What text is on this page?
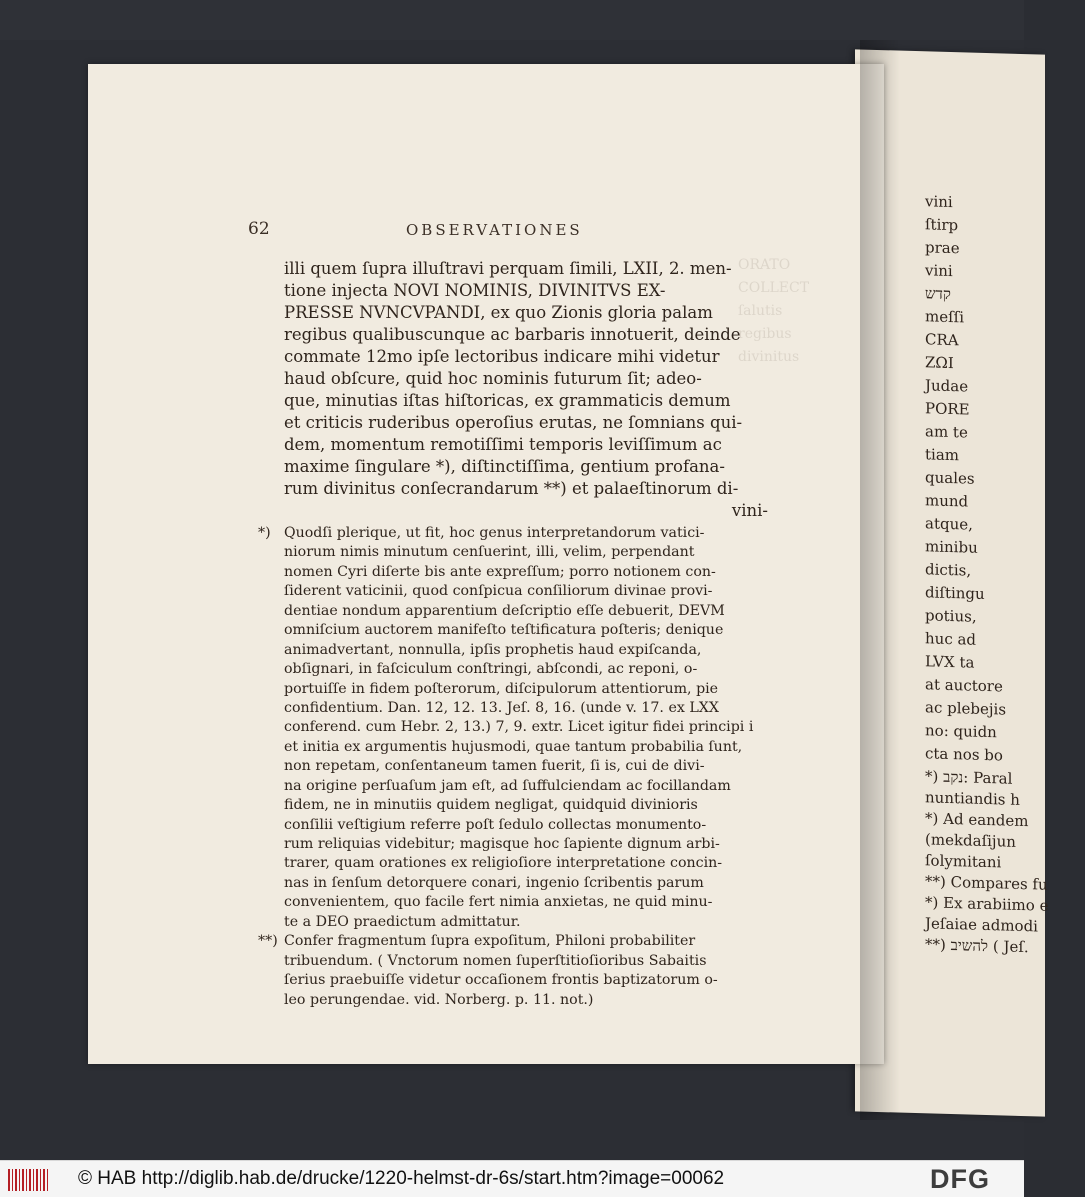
vini
ſtirp
prae
vini
קדש
meſſi
CRA
ΖΩΙ
Judae
PORE
am te
tiam
quales
mund
atque,
minibu
dictis,
diſtingu
potius,
huc ad
LVX ta
at auctore
ac plebejis
no: quidn
cta nos bo
*) נקב: Paral
nuntiandis h
*) Ad eandem
(mekdaſijun
ſolymitani
**) Compares fu
*) Ex arabiimo e
Jeſaiae admodi
**) להשיב ( Jeſ.
ORATO
COLLECT
ſalutis
regibus
divinitus
62	OBSERVATIONES
illi quem ſupra illuſtravi perquam ſimili, LXII, 2. men-
tione injecta NOVI NOMINIS, DIVINITVS EX-
PRESSE NVNCVPANDI, ex quo Zionis gloria palam
regibus qualibuscunque ac barbaris innotuerit, deinde
commate 12mo ipſe lectoribus indicare mihi videtur
haud obſcure, quid hoc nominis futurum ſit; adeo-
que, minutias iſtas hiſtoricas, ex grammaticis demum
et criticis ruderibus operoſius erutas, ne ſomnians qui-
dem, momentum remotiſſimi temporis leviſſimum ac
maxime ſingulare *), diſtinctiſſima, gentium profana-
rum divinitus conſecrandarum **) et palaeſtinorum di-
vini-
*) Quodſi plerique, ut fit, hoc genus interpretandorum vatici-
niorum nimis minutum cenſuerint, illi, velim, perpendant
nomen Cyri diſerte bis ante expreſſum; porro notionem con-
ſiderent vaticinii, quod conſpicua conſiliorum divinae provi-
dentiae nondum apparentium deſcriptio eſſe debuerit, DEVM
omniſcium auctorem manifeſto teſtificatura poſteris; denique
animadvertant, nonnulla, ipſis prophetis haud expiſcanda,
obſignari, in faſciculum conſtringi, abſcondi, ac reponi, o-
portuiſſe in fidem poſterorum, diſcipulorum attentiorum, pie
confidentium. Dan. 12, 12. 13. Jeſ. 8, 16. (unde v. 17. ex LXX
conferend. cum Hebr. 2, 13.) 7, 9. extr. Licet igitur fidei principi i
et initia ex argumentis hujusmodi, quae tantum probabilia ſunt,
non repetam, conſentaneum tamen fuerit, ſi is, cui de divi-
na origine perſuaſum jam eſt, ad ſuffulciendam ac focillandam
fidem, ne in minutiis quidem negligat, quidquid divinioris
conſilii veſtigium referre poſt ſedulo collectas monumento-
rum reliquias videbitur; magisque hoc ſapiente dignum arbi-
trarer, quam orationes ex religioſiore interpretatione concin-
nas in ſenſum detorquere conari, ingenio ſcribentis parum
convenientem, quo facile fert nimia anxietas, ne quid minu-
te a DEO praedictum admittatur.
**) Confer fragmentum ſupra expoſitum, Philoni probabiliter
tribuendum. ( Vnctorum nomen ſuperſtitioſioribus Sabaitis
ſerius praebuiſſe videtur occaſionem frontis baptizatorum o-
leo perungendae. vid. Norberg. p. 11. not.)
© HAB http://diglib.hab.de/drucke/1220-helmst-dr-6s/start.htm?image=00062	DFG
